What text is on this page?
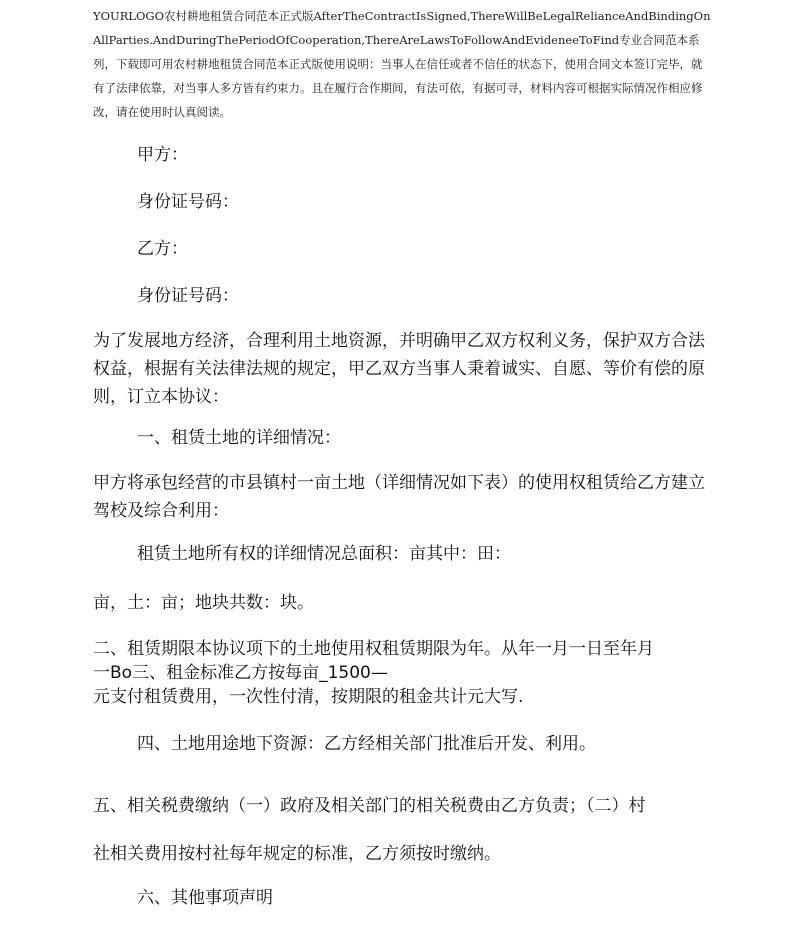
YOURLOGO农村耕地租赁合同范本正式版AfterTheContractIsSigned,ThereWillBeLegalRelianceAndBindingOnAllParties.AndDuringThePeriodOfCooperation,ThereAreLawsToFollowAndEvideneeToFind专业合同范本系列，下载即可用农村耕地租赁合同范本正式版使用说明：当事人在信任或者不信任的状态下，使用合同文本签订完毕，就有了法律依靠，对当事人多方皆有约束力。且在履行合作期间，有法可依，有据可寻，材料内容可根据实际情况作相应修改，请在使用时认真阅读。
甲方：
身份证号码：
乙方：
身份证号码：
为了发展地方经济，合理利用土地资源，并明确甲乙双方权利义务，保护双方合法权益，根据有关法律法规的规定，甲乙双方当事人秉着诚实、自愿、等价有偿的原则，订立本协议：
一、租赁土地的详细情况：
甲方将承包经营的市县镇村一亩土地（详细情况如下表）的使用权租赁给乙方建立驾校及综合利用：
租赁土地所有权的详细情况总面积：亩其中：田：
亩，土：亩；地块共数：块。
二、租赁期限本协议项下的土地使用权租赁期限为年。从年一月一日至年月
一Bo三、租金标准乙方按每亩_1500—
元支付租赁费用，一次性付清，按期限的租金共计元大写.
四、土地用途地下资源：乙方经相关部门批准后开发、利用。
五、相关税费缴纳（一）政府及相关部门的相关税费由乙方负责；（二）村
社相关费用按村社每年规定的标准，乙方须按时缴纳。
六、其他事项声明
